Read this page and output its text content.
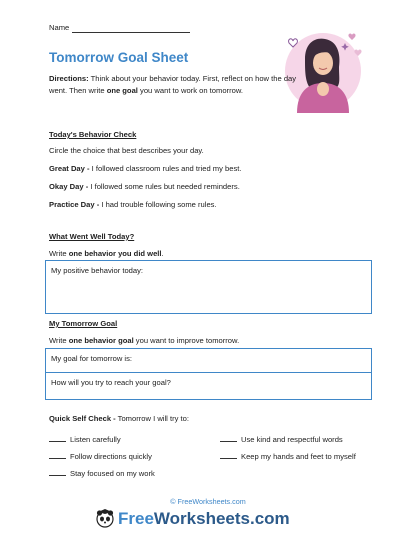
Name
Tomorrow Goal Sheet
Directions: Think about your behavior today. First, reflect on how the day went. Then write one goal you want to work on tomorrow.
Today's Behavior Check
Circle the choice that best describes your day.
Great Day - I followed classroom rules and tried my best.
Okay Day - I followed some rules but needed reminders.
Practice Day - I had trouble following some rules.
What Went Well Today?
Write one behavior you did well.
My positive behavior today:
My Tomorrow Goal
Write one behavior goal you want to improve tomorrow.
My goal for tomorrow is:
How will you try to reach your goal?
Quick Self Check - Tomorrow I will try to:
Listen carefully
Follow directions quickly
Stay focused on my work
Use kind and respectful words
Keep my hands and feet to myself
© FreeWorksheets.com
FreeWorksheets.com
